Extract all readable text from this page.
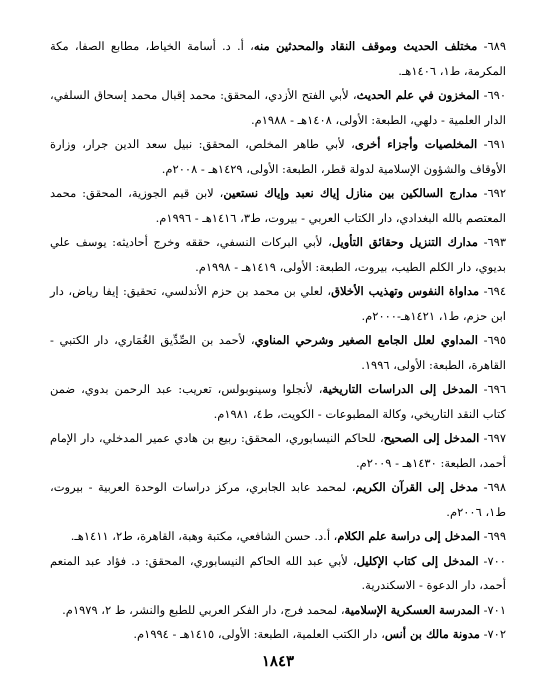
٦٨٩- مختلف الحديث وموقف النقاد والمحدثين منه، أ. د. أسامة الخياط، مطابع الصفا، مكة المكرمة، ط١، ١٤٠٦هـ.

٦٩٠- المخزون في علم الحديث، لأبي الفتح الأزدي، المحقق: محمد إقبال محمد إسحاق السلفي، الدار العلمية - دلهي، الطبعة: الأولى، ١٤٠٨هـ - ١٩٨٨م.

٦٩١- المخلصيات وأجزاء أخرى، لأبي طاهر المخلص، المحقق: نبيل سعد الدين جرار، وزارة الأوقاف والشؤون الإسلامية لدولة قطر، الطبعة: الأولى، ١٤٢٩هـ - ٢٠٠٨م.

٦٩٢- مدارج السالكين بين منازل إياك نعبد وإياك نستعين، لابن قيم الجوزية، المحقق: محمد المعتصم بالله البغدادي، دار الكتاب العربي - بيروت، ط٣، ١٤١٦هـ - ١٩٩٦م.

٦٩٣- مدارك التنزيل وحقائق التأويل، لأبي البركات النسفي، حققه وخرج أحاديثه: يوسف علي بديوي، دار الكلم الطيب، بيروت، الطبعة: الأولى، ١٤١٩هـ - ١٩٩٨م.

٦٩٤- مداواة النفوس وتهذيب الأخلاق، لعلي بن محمد بن حزم الأندلسي، تحقيق: إيفا رياض، دار ابن حزم، ط١، ١٤٢١هـ-٢٠٠٠م.

٦٩٥- المداوي لعلل الجامع الصغير وشرحي المناوي، لأحمد بن الصِّدِّيق الغُمَاري، دار الكتبي - القاهرة، الطبعة: الأولى، ١٩٩٦.

٦٩٦- المدخل إلى الدراسات التاريخية، لأنجلوا وسينوبولس، تعريب: عبد الرحمن بدوي، ضمن كتاب النقد التاريخي، وكالة المطبوعات - الكويت، ط٤، ١٩٨١م.

٦٩٧- المدخل إلى الصحيح، للحاكم النيسابوري، المحقق: ربيع بن هادي عمير المدخلي، دار الإمام أحمد، الطبعة: ١٤٣٠هـ - ٢٠٠٩م.

٦٩٨- مدخل إلى القرآن الكريم، لمحمد عابد الجابري، مركز دراسات الوحدة العربية - بيروت، ط١، ٢٠٠٦م.

٦٩٩- المدخل إلى دراسة علم الكلام، أ.د. حسن الشافعي، مكتبة وهبة، القاهرة، ط٢، ١٤١١هـ.

٧٠٠- المدخل إلى كتاب الإكليل، لأبي عبد الله الحاكم النيسابوري، المحقق: د. فؤاد عبد المنعم أحمد، دار الدعوة - الاسكندرية.

٧٠١- المدرسة العسكرية الإسلامية، لمحمد فرج، دار الفكر العربي للطبع والنشر، ط ٢، ١٩٧٩م.

٧٠٢- مدونة مالك بن أنس، دار الكتب العلمية، الطبعة: الأولى، ١٤١٥هـ - ١٩٩٤م.

١٨٤٣
